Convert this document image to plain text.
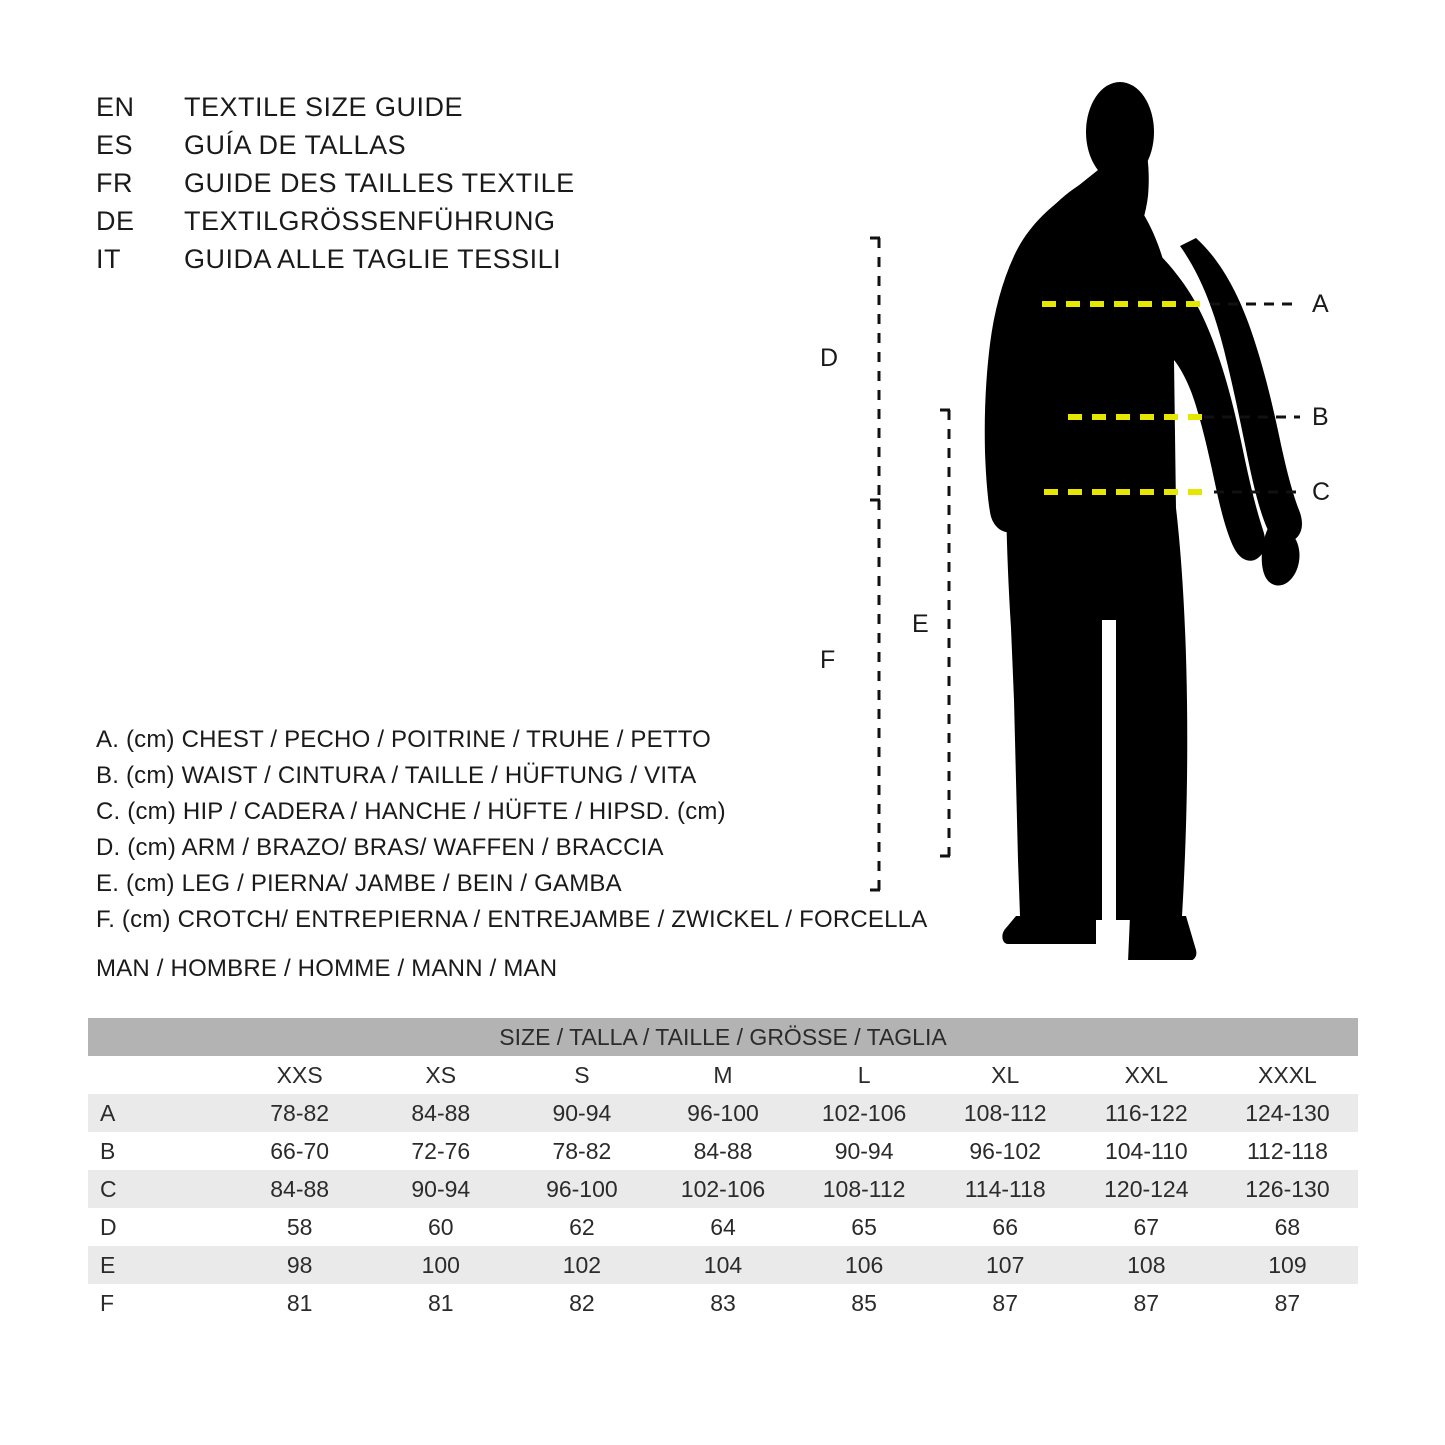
EN	TEXTILE SIZE GUIDE
ES	GUÍA DE TALLAS
FR	GUIDE DES TAILLES TEXTILE
DE	TEXTILGRÖSSENFÜHRUNG
IT	GUIDA ALLE TAGLIE TESSILI
A. (cm) CHEST / PECHO / POITRINE / TRUHE / PETTO
B. (cm) WAIST / CINTURA / TAILLE / HÜFTUNG / VITA
C. (cm) HIP / CADERA / HANCHE / HÜFTE / HIPSD. (cm)
D. (cm) ARM / BRAZO/ BRAS/ WAFFEN / BRACCIA
E. (cm) LEG / PIERNA/ JAMBE / BEIN / GAMBA
F. (cm) CROTCH/ ENTREPIERNA / ENTREJAMBE / ZWICKEL / FORCELLA
MAN / HOMBRE / HOMME / MANN / MAN
D
F
E
A
B
C
SIZE / TALLA / TAILLE / GRÖSSE / TAGLIA								
	XXS	XS	S	M	L	XL	XXL	XXXL
A	78-82	84-88	90-94	96-100	102-106	108-112	116-122	124-130
B	66-70	72-76	78-82	84-88	90-94	96-102	104-110	112-118
C	84-88	90-94	96-100	102-106	108-112	114-118	120-124	126-130
D	58	60	62	64	65	66	67	68
E	98	100	102	104	106	107	108	109
F	81	81	82	83	85	87	87	87
